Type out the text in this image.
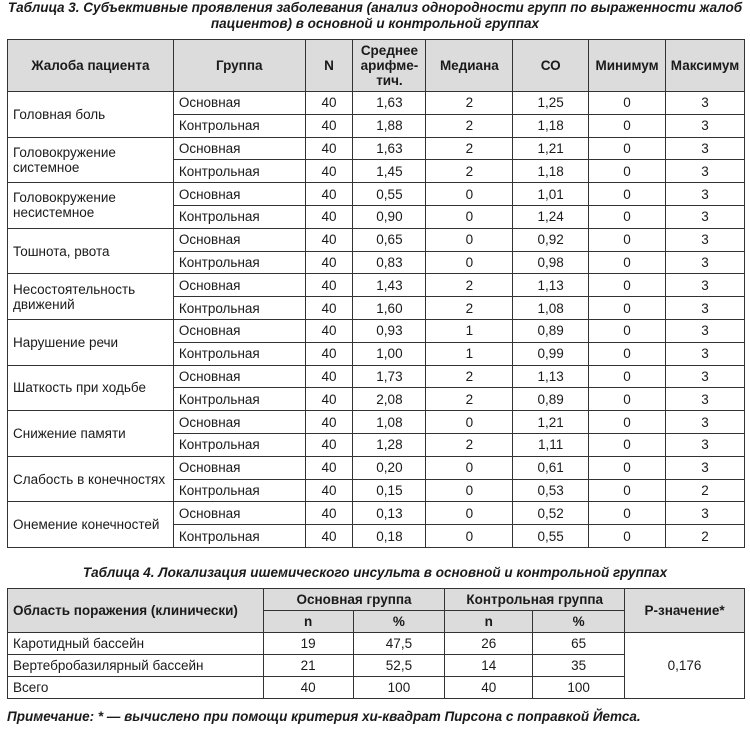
Таблица 3. Субъективные проявления заболевания (анализ однородности групп по выраженности жалоб пациентов) в основной и контрольной группах
Жалоба пациента	Группа	N	Среднее арифме-тич.	Медиана	СО	Минимум	Максимум
Головная боль	Основная	40	1,63	2	1,25	0	3
	Контрольная	40	1,88	2	1,18	0	3
Головокружение системное	Основная	40	1,63	2	1,21	0	3
	Контрольная	40	1,45	2	1,18	0	3
Головокружение несистемное	Основная	40	0,55	0	1,01	0	3
	Контрольная	40	0,90	0	1,24	0	3
Тошнота, рвота	Основная	40	0,65	0	0,92	0	3
	Контрольная	40	0,83	0	0,98	0	3
Несостоятельность движений	Основная	40	1,43	2	1,13	0	3
	Контрольная	40	1,60	2	1,08	0	3
Нарушение речи	Основная	40	0,93	1	0,89	0	3
	Контрольная	40	1,00	1	0,99	0	3
Шаткость при ходьбе	Основная	40	1,73	2	1,13	0	3
	Контрольная	40	2,08	2	0,89	0	3
Снижение памяти	Основная	40	1,08	0	1,21	0	3
	Контрольная	40	1,28	2	1,11	0	3
Слабость в конечностях	Основная	40	0,20	0	0,61	0	3
	Контрольная	40	0,15	0	0,53	0	2
Онемение конечностей	Основная	40	0,13	0	0,52	0	3
	Контрольная	40	0,18	0	0,55	0	2
Таблица 4. Локализация ишемического инсульта в основной и контрольной группах
Область поражения (клинически)	Основная группа		Контрольная группа		P-значение*
	n	%	n	%	
Каротидный бассейн	19	47,5	26	65	0,176
Вертебробазилярный бассейн	21	52,5	14	35	
Всего	40	100	40	100	
Примечание: * — вычислено при помощи критерия хи-квадрат Пирсона с поправкой Йетса.
